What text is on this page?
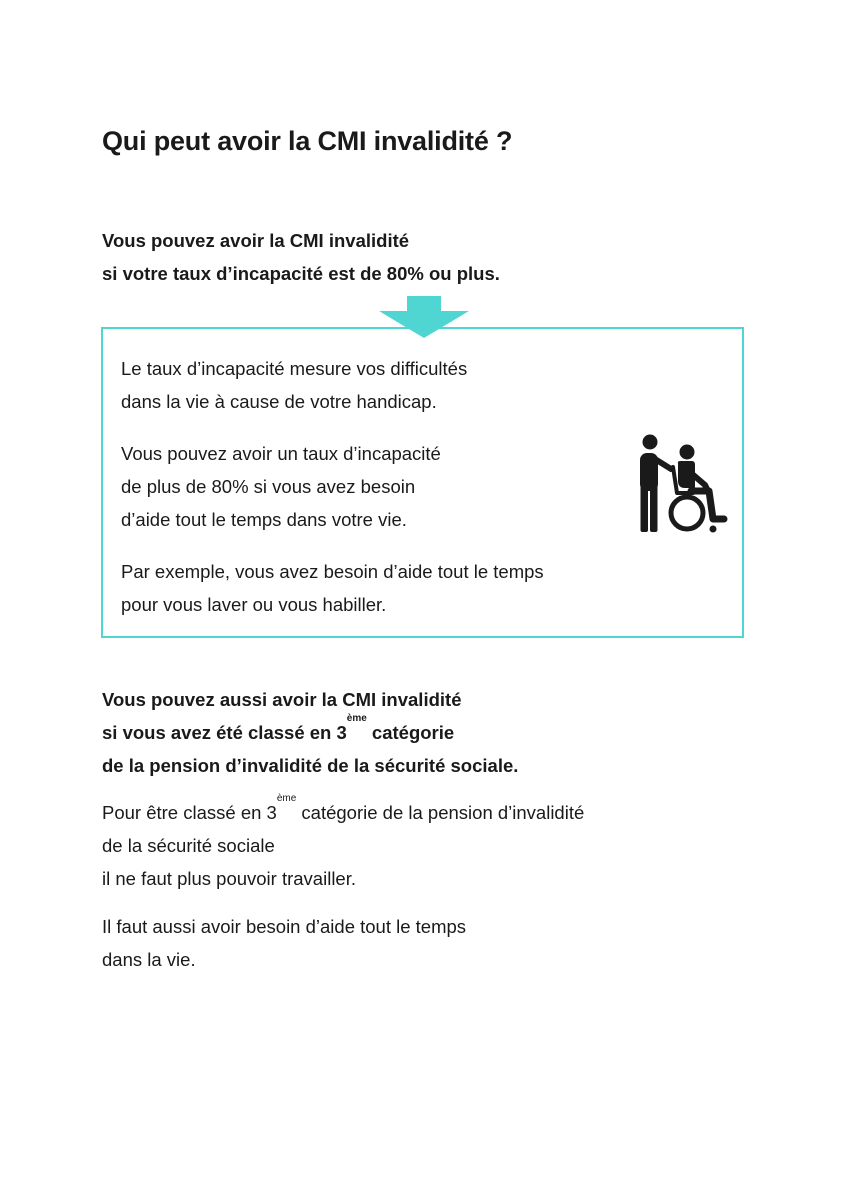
Qui peut avoir la CMI invalidité ?

Vous pouvez avoir la CMI invalidité
si votre taux d’incapacité est de 80% ou plus.

Le taux d’incapacité mesure vos difficultés
dans la vie à cause de votre handicap.

Vous pouvez avoir un taux d’incapacité
de plus de 80% si vous avez besoin
d’aide tout le temps dans votre vie.

Par exemple, vous avez besoin d’aide tout le temps
pour vous laver ou vous habiller.

Vous pouvez aussi avoir la CMI invalidité
si vous avez été classé en 3ème catégorie
de la pension d’invalidité de la sécurité sociale.

Pour être classé en 3ème catégorie de la pension d’invalidité
de la sécurité sociale
il ne faut plus pouvoir travailler.

Il faut aussi avoir besoin d’aide tout le temps
dans la vie.
